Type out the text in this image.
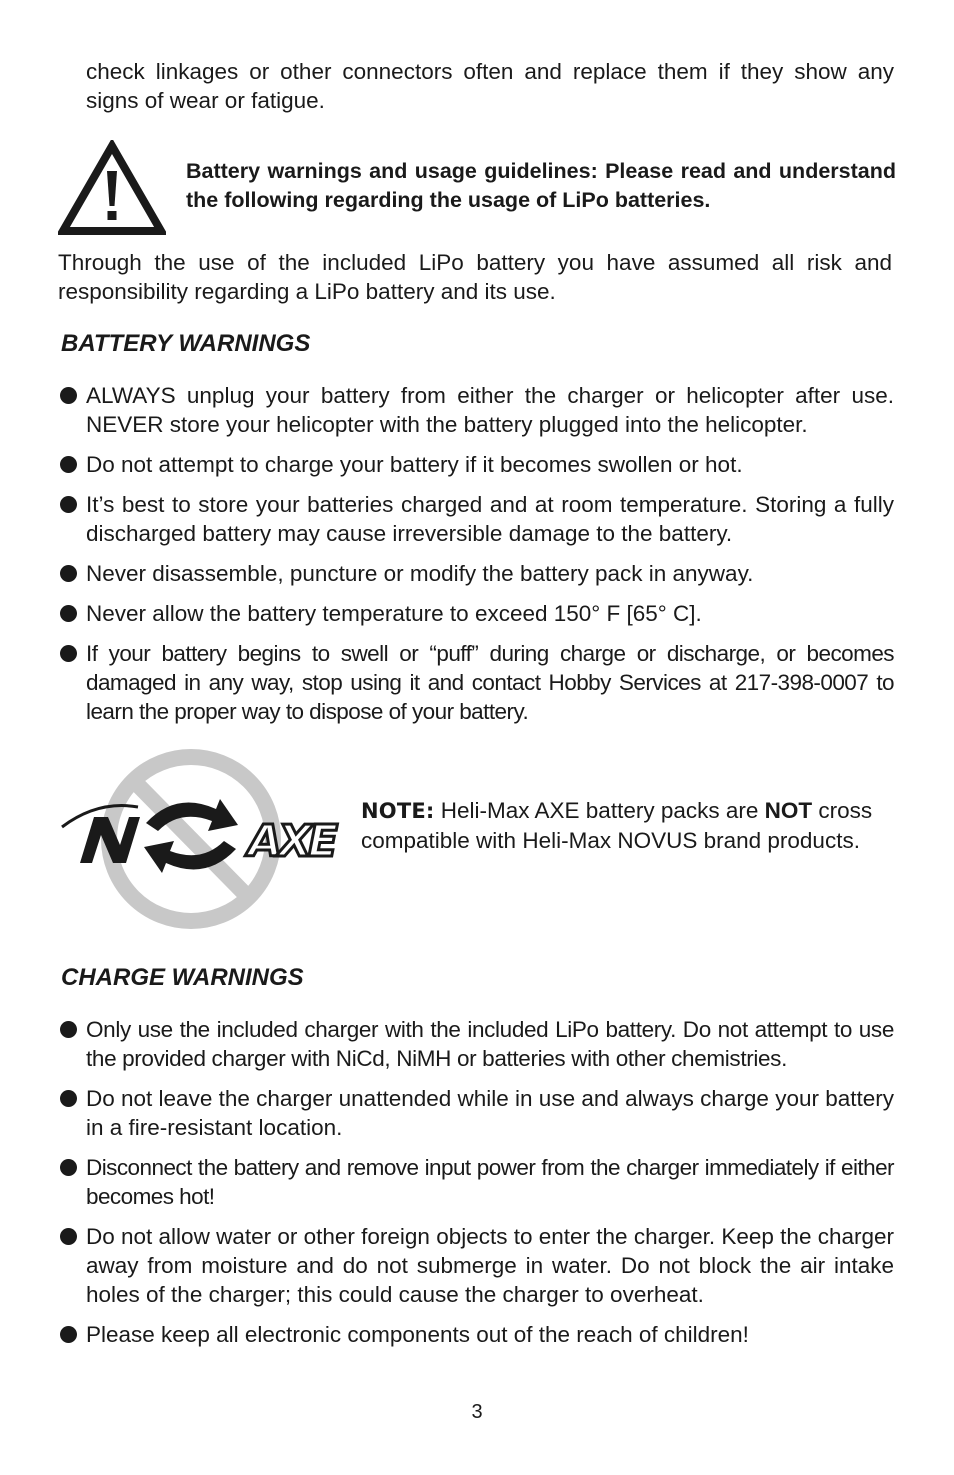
check linkages or other connectors often and replace them if they show any signs of wear or fatigue.

Battery warnings and usage guidelines: Please read and understand the following regarding the usage of LiPo batteries.

Through the use of the included LiPo battery you have assumed all risk and responsibility regarding a LiPo battery and its use.

BATTERY WARNINGS
ALWAYS unplug your battery from either the charger or helicopter after use. NEVER store your helicopter with the battery plugged into the helicopter.
Do not attempt to charge your battery if it becomes swollen or hot.
It’s best to store your batteries charged and at room temperature. Storing a fully discharged battery may cause irreversible damage to the battery.
Never disassemble, puncture or modify the battery pack in anyway.
Never allow the battery temperature to exceed 150° F [65° C].
If your battery begins to swell or “puff” during charge or discharge, or becomes damaged in any way, stop using it and contact Hobby Services at 217-398-0007 to learn the proper way to dispose of your battery.
AXE

NOTE: Heli-Max AXE battery packs are NOT cross compatible with Heli-Max NOVUS brand products.

CHARGE WARNINGS
Only use the included charger with the included LiPo battery. Do not attempt to use the provided charger with NiCd, NiMH or batteries with other chemistries.
Do not leave the charger unattended while in use and always charge your battery in a fire-resistant location.
Disconnect the battery and remove input power from the charger immediately if either becomes hot!
Do not allow water or other foreign objects to enter the charger. Keep the charger away from moisture and do not submerge in water. Do not block the air intake holes of the charger; this could cause the charger to overheat.
Please keep all electronic components out of the reach of children!
3
